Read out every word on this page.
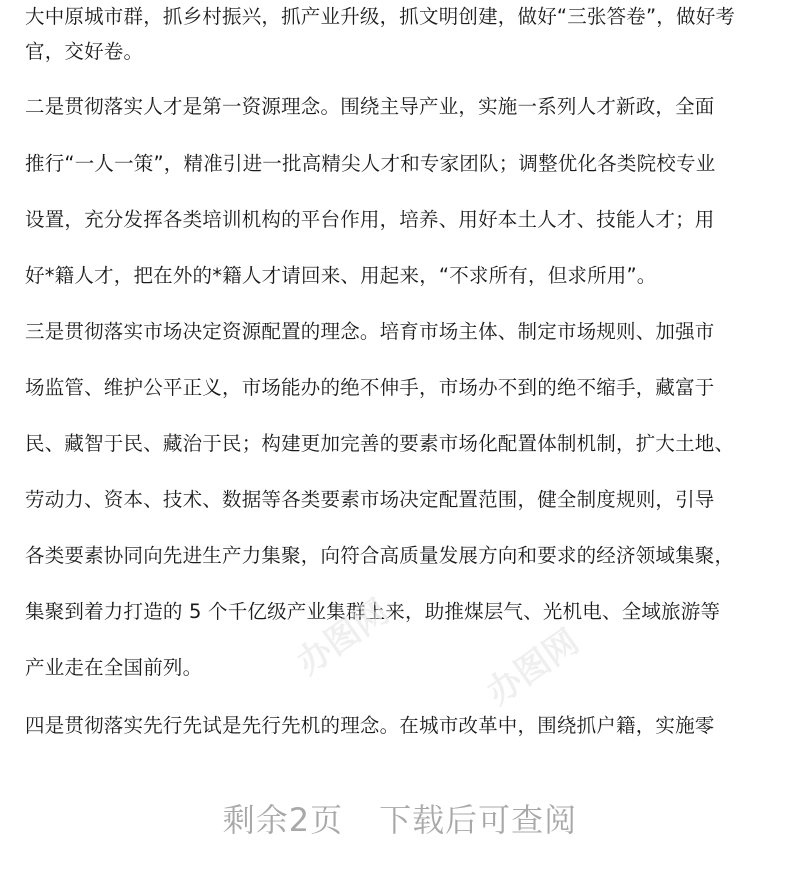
大中原城市群，抓乡村振兴，抓产业升级，抓文明创建，做好“三张答卷”，做好考
官，交好卷。
二是贯彻落实人才是第一资源理念。围绕主导产业，实施一系列人才新政，全面
推行“一人一策”，精准引进一批高精尖人才和专家团队；调整优化各类院校专业
设置，充分发挥各类培训机构的平台作用，培养、用好本土人才、技能人才；用
好*籍人才，把在外的*籍人才请回来、用起来，“不求所有，但求所用”。
三是贯彻落实市场决定资源配置的理念。培育市场主体、制定市场规则、加强市
场监管、维护公平正义，市场能办的绝不伸手，市场办不到的绝不缩手，藏富于
民、藏智于民、藏治于民；构建更加完善的要素市场化配置体制机制，扩大土地、
劳动力、资本、技术、数据等各类要素市场决定配置范围，健全制度规则，引导
各类要素协同向先进生产力集聚，向符合高质量发展方向和要求的经济领域集聚，
集聚到着力打造的 5 个千亿级产业集群上来，助推煤层气、光机电、全域旅游等
产业走在全国前列。
四是贯彻落实先行先试是先行先机的理念。在城市改革中，围绕抓户籍，实施零
办图网 办图网
剩余2页 下载后可查阅
